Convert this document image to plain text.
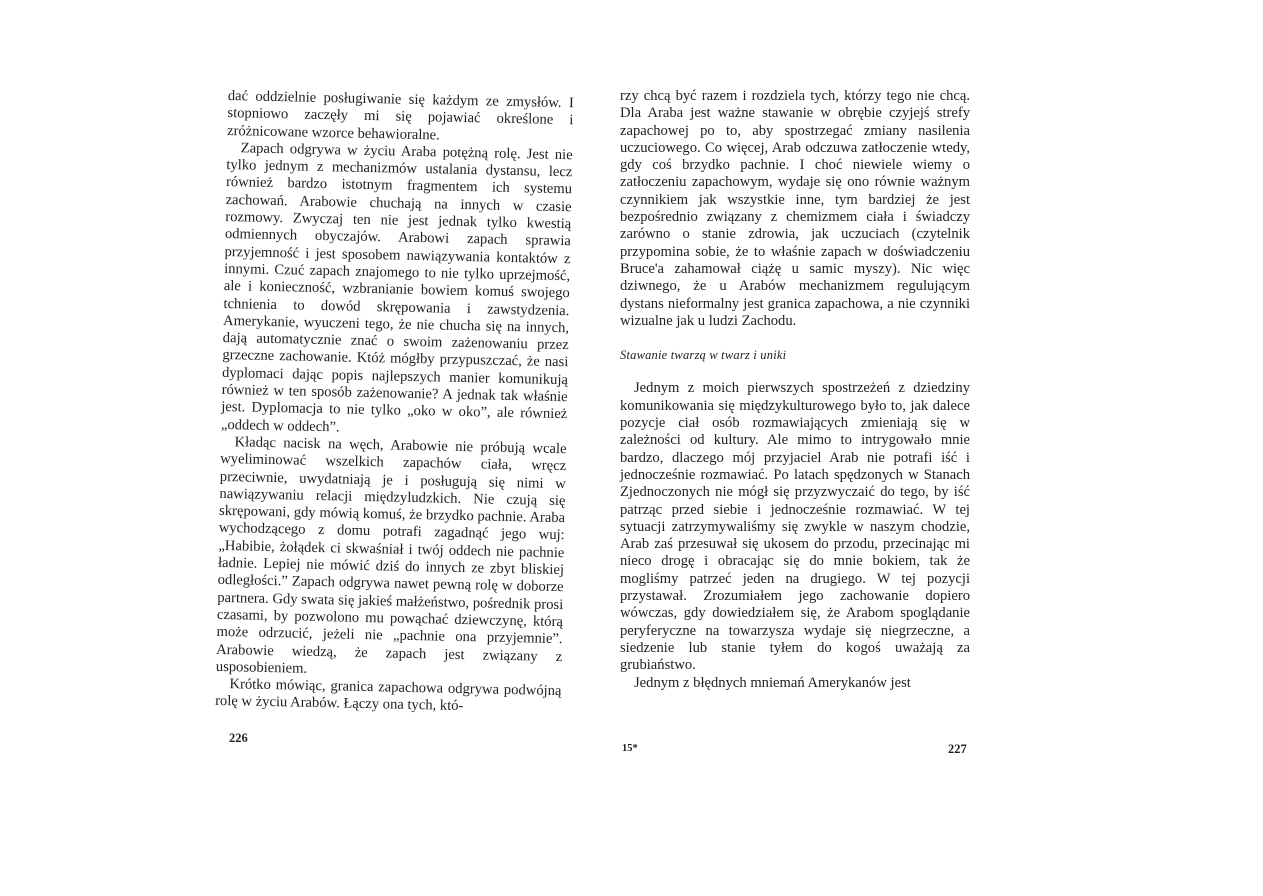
dać oddzielnie posługiwanie się każdym ze zmysłów. I stopniowo zaczęły mi się pojawiać określone i zróżnicowane wzorce behawioralne.

Zapach odgrywa w życiu Araba potężną rolę. Jest nie tylko jednym z mechanizmów ustalania dystansu, lecz również bardzo istotnym fragmentem ich systemu zachowań. Arabowie chuchają na innych w czasie rozmowy. Zwyczaj ten nie jest jednak tylko kwestią odmiennych obyczajów. Arabowi zapach sprawia przyjemność i jest sposobem nawiązywania kontaktów z innymi. Czuć zapach znajomego to nie tylko uprzejmość, ale i konieczność, wzbranianie bowiem komuś swojego tchnienia to dowód skrępowania i zawstydzenia. Amerykanie, wyuczeni tego, że nie chucha się na innych, dają automatycznie znać o swoim zażenowaniu przez grzeczne zachowanie. Któż mógłby przypuszczać, że nasi dyplomaci dając popis najlepszych manier komunikują również w ten sposób zażenowanie? A jednak tak właśnie jest. Dyplomacja to nie tylko „oko w oko”, ale również „oddech w oddech”.

Kładąc nacisk na węch, Arabowie nie próbują wcale wyeliminować wszelkich zapachów ciała, wręcz przeciwnie, uwydatniają je i posługują się nimi w nawiązywaniu relacji międzyludzkich. Nie czują się skrępowani, gdy mówią komuś, że brzydko pachnie. Araba wychodzącego z domu potrafi zagadnąć jego wuj: „Habibie, żołądek ci skwaśniał i twój oddech nie pachnie ładnie. Lepiej nie mówić dziś do innych ze zbyt bliskiej odległości.” Zapach odgrywa nawet pewną rolę w doborze partnera. Gdy swata się jakieś małżeństwo, pośrednik prosi czasami, by pozwolono mu powąchać dziewczynę, którą może odrzucić, jeżeli nie „pachnie ona przyjemnie”. Arabowie wiedzą, że zapach jest związany z usposobieniem.

Krótko mówiąc, granica zapachowa odgrywa podwójną rolę w życiu Arabów. Łączy ona tych, któ-

226

rzy chcą być razem i rozdziela tych, którzy tego nie chcą. Dla Araba jest ważne stawanie w obrębie czyjejś strefy zapachowej po to, aby spostrzegać zmiany nasilenia uczuciowego. Co więcej, Arab odczuwa zatłoczenie wtedy, gdy coś brzydko pachnie. I choć niewiele wiemy o zatłoczeniu zapachowym, wydaje się ono równie ważnym czynnikiem jak wszystkie inne, tym bardziej że jest bezpośrednio związany z chemizmem ciała i świadczy zarówno o stanie zdrowia, jak uczuciach (czytelnik przypomina sobie, że to właśnie zapach w doświadczeniu Bruce'a zahamował ciążę u samic myszy). Nic więc dziwnego, że u Arabów mechanizmem regulującym dystans nieformalny jest granica zapachowa, a nie czynniki wizualne jak u ludzi Zachodu.

Stawanie twarzą w twarz i uniki

Jednym z moich pierwszych spostrzeżeń z dziedziny komunikowania się międzykulturowego było to, jak dalece pozycje ciał osób rozmawiających zmieniają się w zależności od kultury. Ale mimo to intrygowało mnie bardzo, dlaczego mój przyjaciel Arab nie potrafi iść i jednocześnie rozmawiać. Po latach spędzonych w Stanach Zjednoczonych nie mógł się przyzwyczaić do tego, by iść patrząc przed siebie i jednocześnie rozmawiać. W tej sytuacji zatrzymywaliśmy się zwykle w naszym chodzie, Arab zaś przesuwał się ukosem do przodu, przecinając mi nieco drogę i obracając się do mnie bokiem, tak że mogliśmy patrzeć jeden na drugiego. W tej pozycji przystawał. Zrozumiałem jego zachowanie dopiero wówczas, gdy dowiedziałem się, że Arabom spoglądanie peryferyczne na towarzysza wydaje się niegrzeczne, a siedzenie lub stanie tyłem do kogoś uważają za grubiaństwo.

Jednym z błędnych mniemań Amerykanów jest

15*	227
